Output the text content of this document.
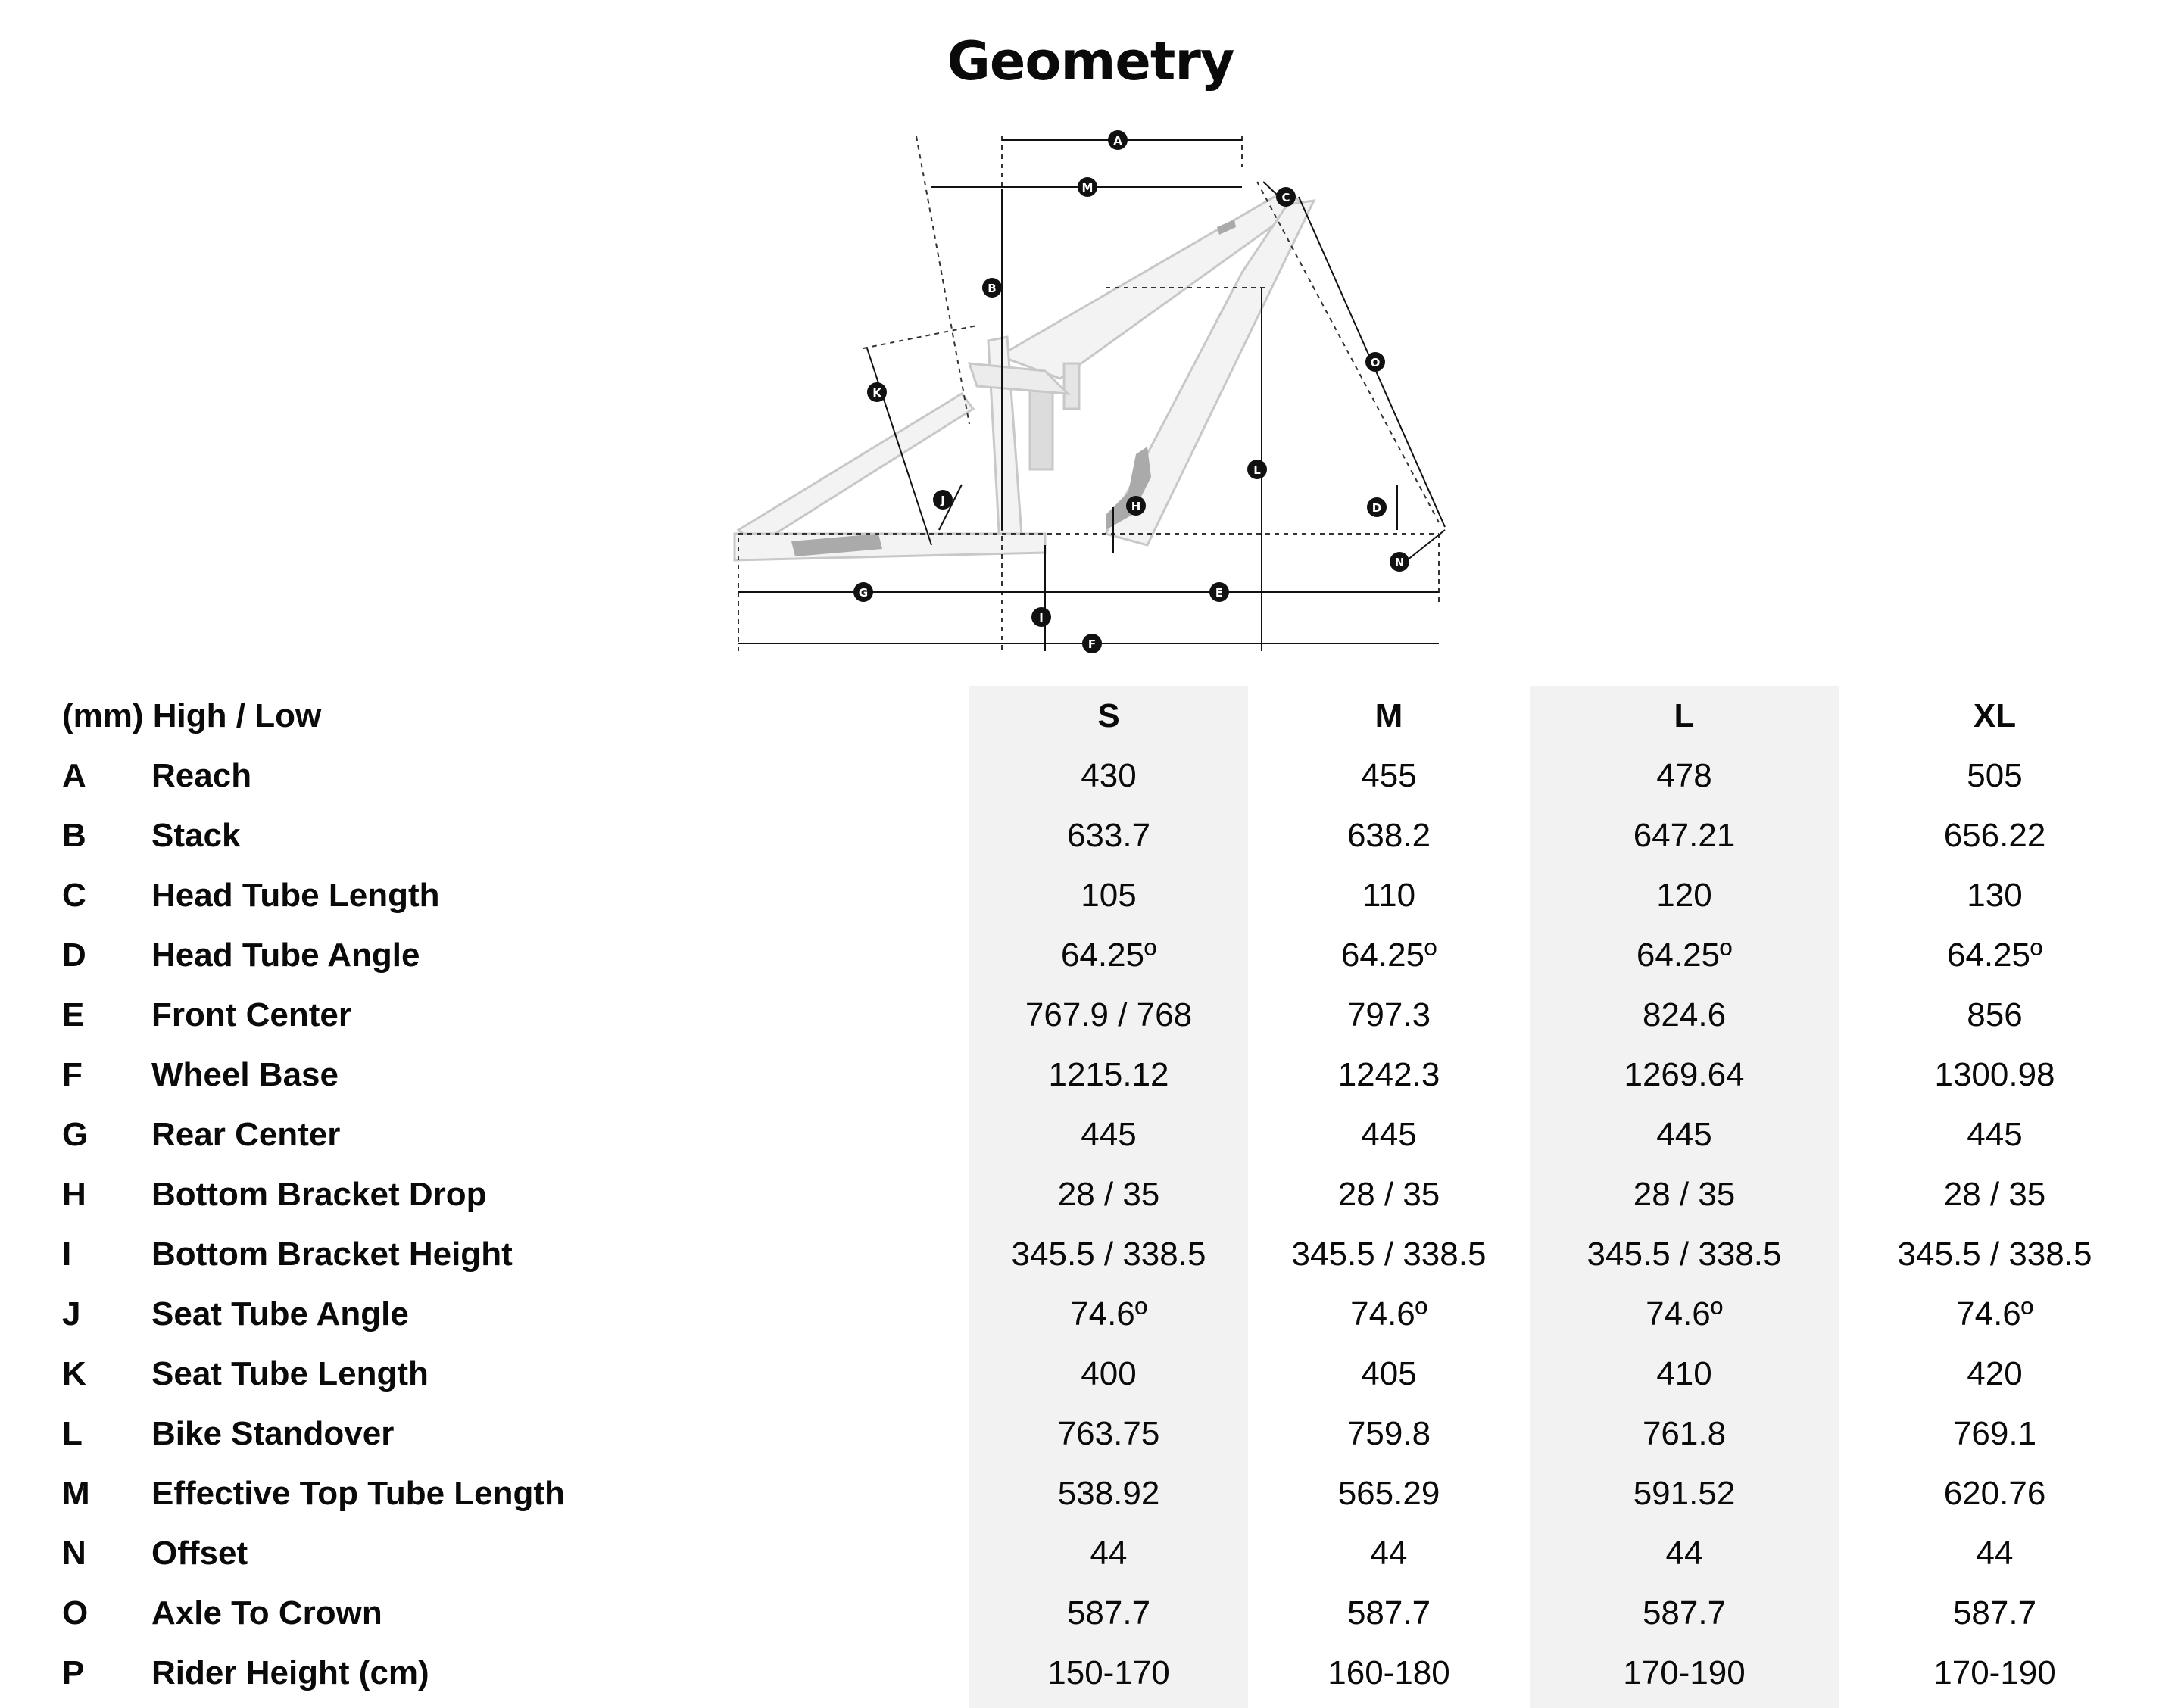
Geometry
A
M
C
B
O
K
L
J	H	D
N
G	E
I
F
(mm) High / Low	S	M	L	XL
A Reach	430	455	478	505
B Stack	633.7	638.2	647.21	656.22
C Head Tube Length	105	110	120	130
D Head Tube Angle	64.25º	64.25º	64.25º	64.25º
E Front Center	767.9 / 768	797.3	824.6	856
F Wheel Base	1215.12	1242.3	1269.64	1300.98
G Rear Center	445	445	445	445
H Bottom Bracket Drop	28 / 35	28 / 35	28 / 35	28 / 35
I Bottom Bracket Height	345.5 / 338.5	345.5 / 338.5	345.5 / 338.5	345.5 / 338.5
J Seat Tube Angle	74.6º	74.6º	74.6º	74.6º
K Seat Tube Length	400	405	410	420
L Bike Standover	763.75	759.8	761.8	769.1
M Effective Top Tube Length	538.92	565.29	591.52	620.76
N Offset	44	44	44	44
O Axle To Crown	587.7	587.7	587.7	587.7
P Rider Height (cm)	150-170	160-180	170-190	170-190
